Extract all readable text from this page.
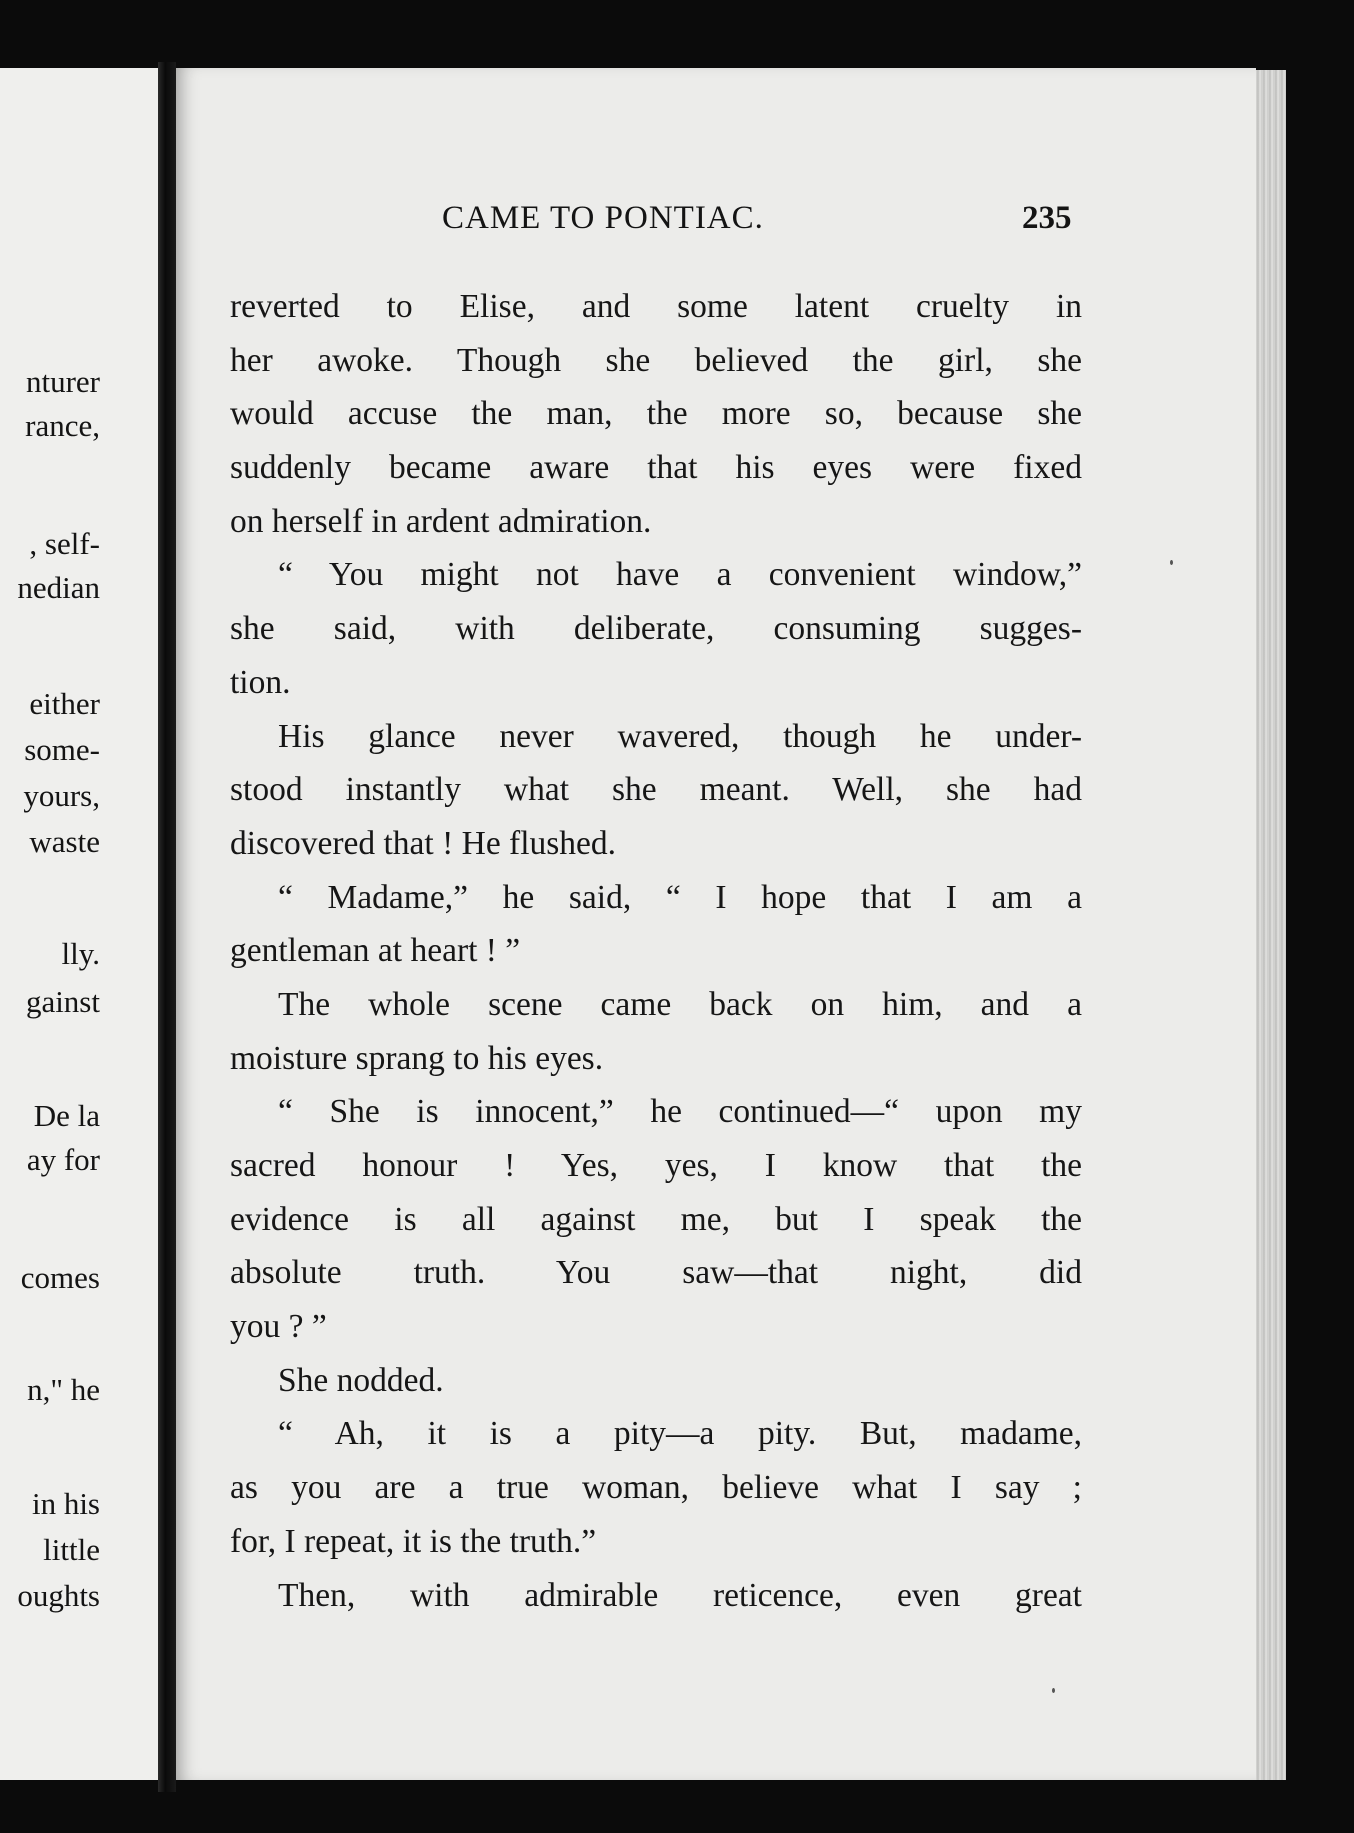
nturer
rance,
, self-
nedian
either
some-
yours,
waste
lly.
gainst
De la
ay for
comes
n," he
in his
little
oughts
CAME TO PONTIAC.	235
reverted to Elise, and some latent cruelty in
her awoke. Though she believed the girl, she
would accuse the man, the more so, because she
suddenly became aware that his eyes were fixed
on herself in ardent admiration.
“ You might not have a convenient window,”
she said, with deliberate, consuming sugges-
tion.
His glance never wavered, though he under-
stood instantly what she meant. Well, she had
discovered that ! He flushed.
“ Madame,” he said, “ I hope that I am a
gentleman at heart ! ”
The whole scene came back on him, and a
moisture sprang to his eyes.
“ She is innocent,” he continued—“ upon my
sacred honour ! Yes, yes, I know that the
evidence is all against me, but I speak the
absolute truth. You saw—that night, did
you ? ”
She nodded.
“ Ah, it is a pity—a pity. But, madame,
as you are a true woman, believe what I say ;
for, I repeat, it is the truth.”
Then, with admirable reticence, even great
